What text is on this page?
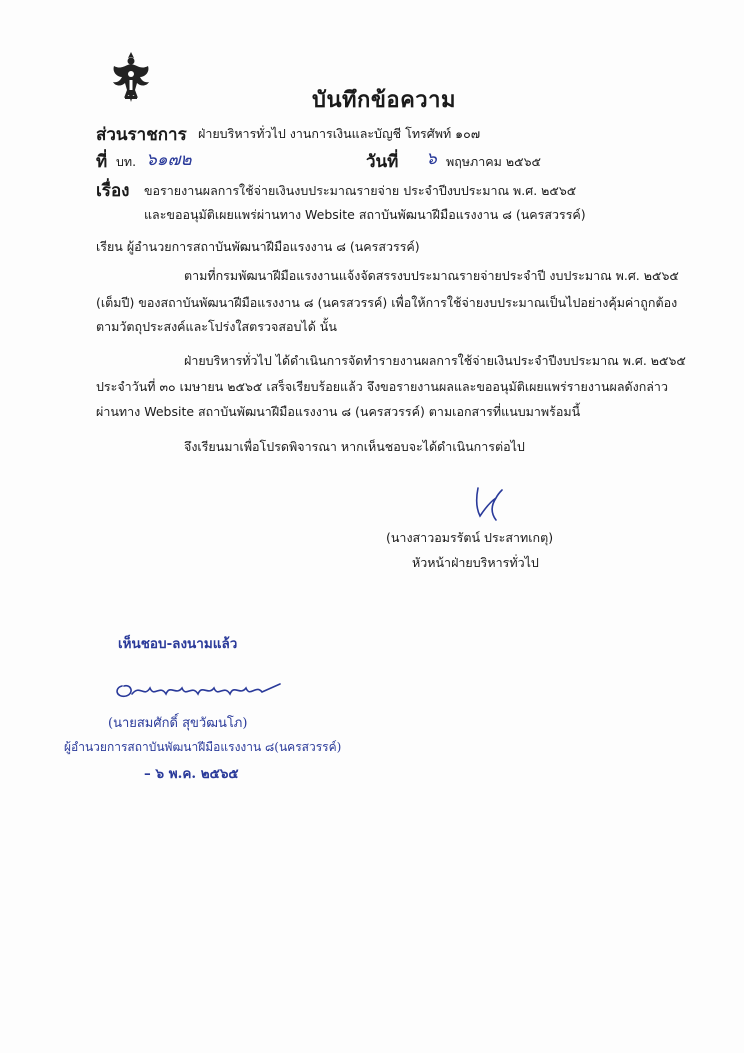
บันทึกข้อความ
ส่วนราชการ ฝ่ายบริหารทั่วไป งานการเงินและบัญชี โทรศัพท์ ๑๐๗
ที่ บท. ๖๑๗๒	วันที่ ๖ พฤษภาคม ๒๕๖๕
เรื่อง ขอรายงานผลการใช้จ่ายเงินงบประมาณรายจ่าย ประจำปีงบประมาณ พ.ศ. ๒๕๖๕
และขออนุมัติเผยแพร่ผ่านทาง Website สถาบันพัฒนาฝีมือแรงงาน ๘ (นครสวรรค์)
เรียน ผู้อำนวยการสถาบันพัฒนาฝีมือแรงงาน ๘ (นครสวรรค์)
ตามที่กรมพัฒนาฝีมือแรงงานแจ้งจัดสรรงบประมาณรายจ่ายประจำปี งบประมาณ พ.ศ. ๒๕๖๕
(เต็มปี) ของสถาบันพัฒนาฝีมือแรงงาน ๘ (นครสวรรค์) เพื่อให้การใช้จ่ายงบประมาณเป็นไปอย่างคุ้มค่าถูกต้อง
ตามวัตถุประสงค์และโปร่งใสตรวจสอบได้ นั้น
ฝ่ายบริหารทั่วไป ได้ดำเนินการจัดทำรายงานผลการใช้จ่ายเงินประจำปีงบประมาณ พ.ศ. ๒๕๖๕
ประจำวันที่ ๓๐ เมษายน ๒๕๖๕ เสร็จเรียบร้อยแล้ว จึงขอรายงานผลและขออนุมัติเผยแพร่รายงานผลดังกล่าว
ผ่านทาง Website สถาบันพัฒนาฝีมือแรงงาน ๘ (นครสวรรค์) ตามเอกสารที่แนบมาพร้อมนี้
จึงเรียนมาเพื่อโปรดพิจารณา หากเห็นชอบจะได้ดำเนินการต่อไป
(นางสาวอมรรัตน์ ประสาทเกตุ)
หัวหน้าฝ่ายบริหารทั่วไป
เห็นชอบ-ลงนามแล้ว
(นายสมศักดิ์ สุขวัฒนโภ)
ผู้อำนวยการสถาบันพัฒนาฝีมือแรงงาน ๘(นครสวรรค์)
– ๖ พ.ค. ๒๕๖๕
